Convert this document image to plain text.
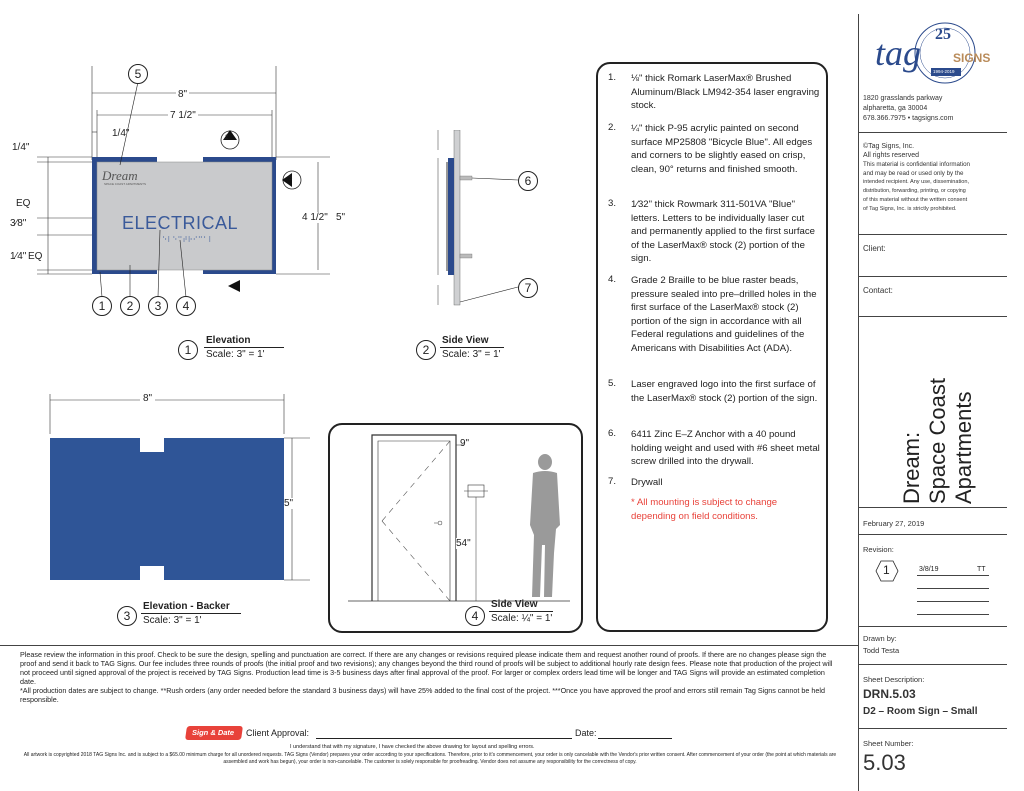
Dream
SPACE COAST APARTMENTS
ELECTRICAL
⠑⠇⠑⠉⠞⠗⠊⠉⠁⠇
2
3
8"
7 1/2"
1/4"
1/4"
EQ
3⁄8"
1⁄4" EQ
4 1/2" 5"
5
1	2	3	4
1
Elevation
Scale: 3" = 1'
6
7
2
Side View
Scale: 3" = 1'
8"
5"
3
Elevation - Backer
Scale: 3" = 1'
9"
54"
4
Side View
Scale: ¼" = 1'
1. ⅛" thick Romark LaserMax® Brushed Aluminum/Black LM942-354 laser engraving stock.
2. ¼" thick P-95 acrylic painted on second surface MP25808 "Bicycle Blue". All edges and corners to be slightly eased on crisp, clean, 90° returns and finished smooth.
3. 1⁄32" thick Rowmark 311-501VA "Blue" letters. Letters to be individually laser cut and permanently applied to the first surface of the LaserMax® stock (2) portion of the sign.
4. Grade 2 Braille to be blue raster beads, pressure sealed into pre–drilled holes in the first surface of the LaserMax® stock (2) portion of the sign in accordance with all Federal regulations and guidelines of the Americans with Disabilities Act (ADA).
5. Laser engraved logo into the first surface of the LaserMax® stock (2) portion of the sign.
6. 6411 Zinc E–Z Anchor with a 40 pound holding weight and used with #6 sheet metal screw drilled into the drywall.
7. Drywall
* All mounting is subject to change depending on field conditions.
tag 25
1994-2019
SIGNS
1820 grasslands parkway
alpharetta, ga 30004
678.366.7975 • tagsigns.com
©Tag Signs, Inc.
All rights reserved
This material is confidential information
and may be read or used only by the
intended recipient. Any use, dissemination,
distribution, forwarding, printing, or copying
of this material without the written consent
of Tag Signs, Inc. is strictly prohibited.
Client:
Contact:
Dream: Space Coast Apartments
February 27, 2019
Revision:
1	3/8/19	TT
Drawn by:
Todd Testa
Sheet Description:
DRN.5.03
D2 – Room Sign – Small
Sheet Number:
5.03

Please review the information in this proof. Check to be sure the design, spelling and punctuation are correct. If there are any changes or revisions required please indicate them and request another round of proofs. If there are no changes please sign the proof and send it back to TAG Signs. Our fee includes three rounds of proofs (the initial proof and two revisions); any changes beyond the third round of proofs will be subject to additional hourly rate design fees. Please note that production of the project will not proceed until signed approval of the project is received by TAG Signs. Production lead time is 3-5 business days after final approval of the proof. For larger or complex orders lead time will be longer and TAG Signs will provide an estimated completion date.

*All production dates are subject to change. **Rush orders (any order needed before the standard 3 business days) will have 25% added to the final cost of the project. ***Once you have approved the proof and errors still remain Tag Signs cannot be held responsible.

Sign & Date Client Approval:	Date:
I understand that with my signature, I have checked the above drawing for layout and spelling errors.
All artwork is copyrighted 2018 TAG Signs Inc. and is subject to a $65.00 minimum charge for all unordered requests. TAG Signs (Vendor) prepares your order according to your specifications. Therefore, prior to it's commencement, your order is only cancelable with the Vendor's prior written consent. After commencement of your order (the point at which materials are assembled and work has begun), your order is non-cancelable. The customer is solely responsible for proofreading. Vendor does not assume any responsibility for the correctness of copy.
